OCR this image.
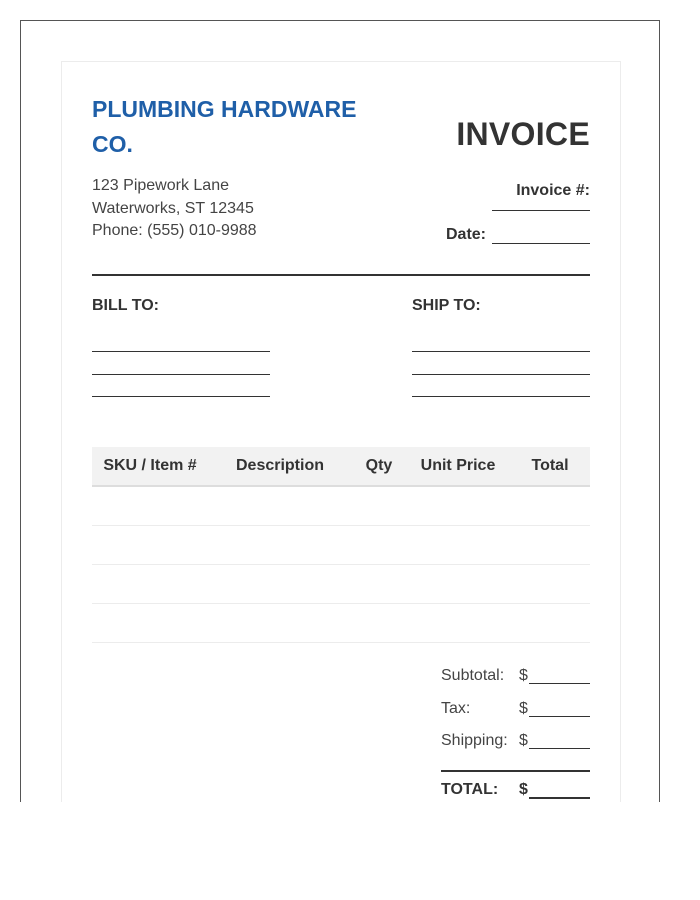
PLUMBING HARDWARE CO.
123 Pipework Lane
Waterworks, ST 12345
Phone: (555) 010-9988
INVOICE
Invoice #:
Date:
BILL TO:	SHIP TO:
SKU / Item #	Description	Qty	Unit Price	Total

Subtotal: $
Tax:	$
Shipping: $
TOTAL: $
